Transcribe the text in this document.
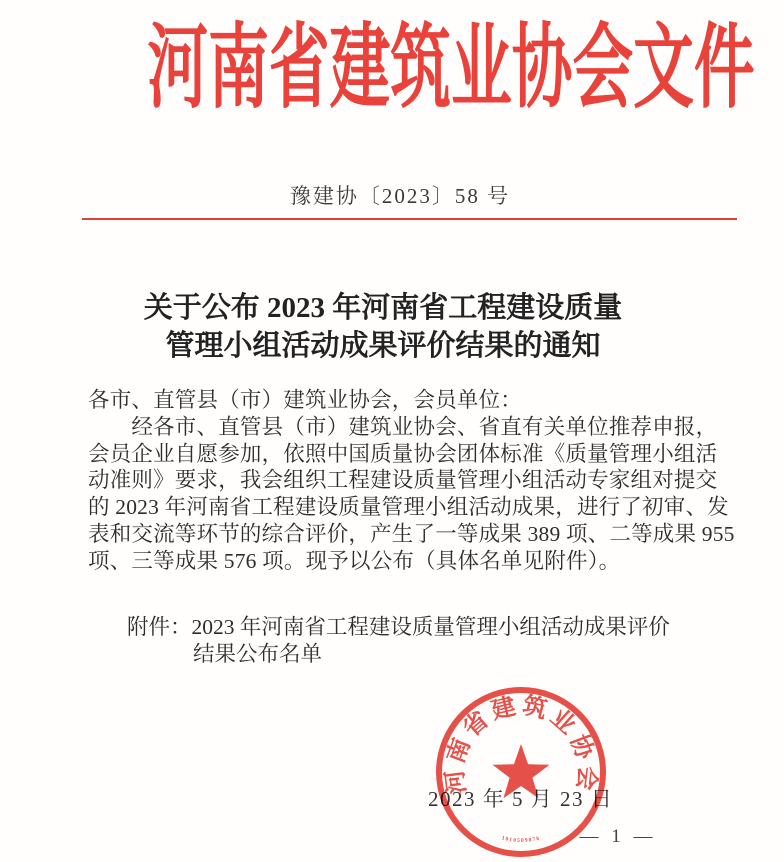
河南省建筑业协会文件
豫建协〔2023〕58 号
关于公布 2023 年河南省工程建设质量
管理小组活动成果评价结果的通知
各市、直管县（市）建筑业协会，会员单位：
　　经各市、直管县（市）建筑业协会、省直有关单位推荐申报，
会员企业自愿参加，依照中国质量协会团体标准《质量管理小组活
动准则》要求，我会组织工程建设质量管理小组活动专家组对提交
的 2023 年河南省工程建设质量管理小组活动成果，进行了初审、发
表和交流等环节的综合评价，产生了一等成果 389 项、二等成果 955
项、三等成果 576 项。现予以公布（具体名单见附件）。
附件：2023 年河南省工程建设质量管理小组活动成果评价
结果公布名单
2023 年 5 月 23 日
— 1 —
河南省建筑业协会
1010509876
